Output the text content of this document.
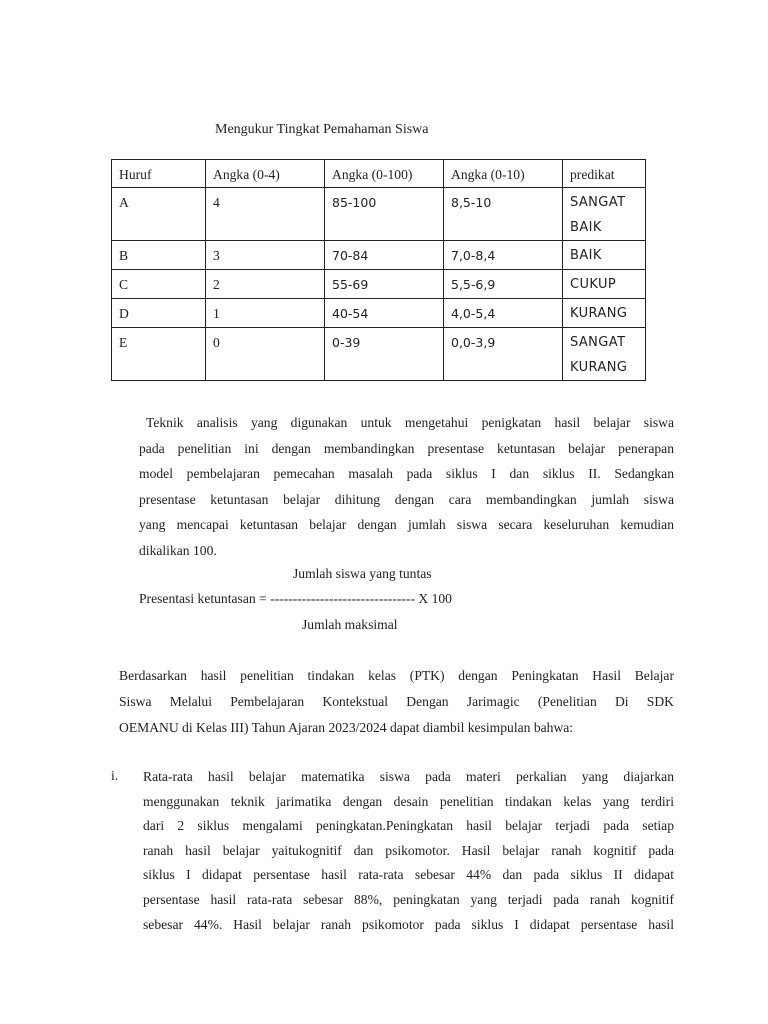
Mengukur Tingkat Pemahaman Siswa
Huruf	Angka (0-4)	Angka (0-100)	Angka (0-10)	predikat
A	4	85-100	8,5-10	SANGAT BAIK
B	3	70-84	7,0-8,4	BAIK
C	2	55-69	5,5-6,9	CUKUP
D	1	40-54	4,0-5,4	KURANG
E	0	0-39	0,0-3,9	SANGAT KURANG
Teknik analisis yang digunakan untuk mengetahui penigkatan hasil belajar siswa
pada penelitian ini dengan membandingkan presentase ketuntasan belajar penerapan
model pembelajaran pemecahan masalah pada siklus I dan siklus II. Sedangkan
presentase ketuntasan belajar dihitung dengan cara membandingkan jumlah siswa
yang mencapai ketuntasan belajar dengan jumlah siswa secara keseluruhan kemudian
dikalikan 100.
Jumlah siswa yang tuntas
Presentasi ketuntasan = -------------------------------- X 100
Jumlah maksimal
Berdasarkan hasil penelitian tindakan kelas (PTK) dengan Peningkatan Hasil Belajar
Siswa Melalui Pembelajaran Kontekstual Dengan Jarimagic (Penelitian Di SDK
OEMANU di Kelas III) Tahun Ajaran 2023/2024 dapat diambil kesimpulan bahwa:
i. Rata-rata hasil belajar matematika siswa pada materi perkalian yang diajarkan
menggunakan teknik jarimatika dengan desain penelitian tindakan kelas yang terdiri
dari 2 siklus mengalami peningkatan.Peningkatan hasil belajar terjadi pada setiap
ranah hasil belajar yaitukognitif dan psikomotor. Hasil belajar ranah kognitif pada
siklus I didapat persentase hasil rata-rata sebesar 44% dan pada siklus II didapat
persentase hasil rata-rata sebesar 88%, peningkatan yang terjadi pada ranah kognitif
sebesar 44%. Hasil belajar ranah psikomotor pada siklus I didapat persentase hasil
